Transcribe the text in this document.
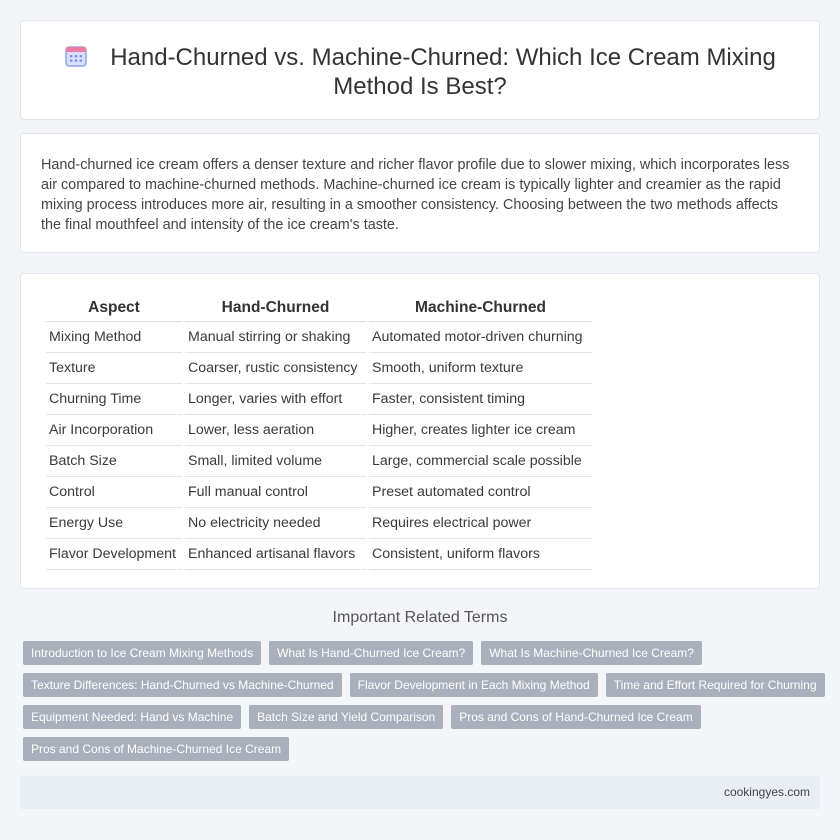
Hand-Churned vs. Machine-Churned: Which Ice Cream Mixing Method Is Best?

Hand-churned ice cream offers a denser texture and richer flavor profile due to slower mixing, which incorporates less air compared to machine-churned methods. Machine-churned ice cream is typically lighter and creamier as the rapid mixing process introduces more air, resulting in a smoother consistency. Choosing between the two methods affects the final mouthfeel and intensity of the ice cream's taste.

Aspect	Hand-Churned	Machine-Churned
Mixing Method	Manual stirring or shaking	Automated motor-driven churning
Texture	Coarser, rustic consistency	Smooth, uniform texture
Churning Time	Longer, varies with effort	Faster, consistent timing
Air Incorporation	Lower, less aeration	Higher, creates lighter ice cream
Batch Size	Small, limited volume	Large, commercial scale possible
Control	Full manual control	Preset automated control
Energy Use	No electricity needed	Requires electrical power
Flavor Development	Enhanced artisanal flavors	Consistent, uniform flavors
Important Related Terms
Introduction to Ice Cream Mixing Methods	What Is Hand-Churned Ice Cream?	What Is Machine-Churned Ice Cream?
Texture Differences: Hand-Churned vs Machine-Churned	Flavor Development in Each Mixing Method	Time and Effort Required for Churning
Equipment Needed: Hand vs Machine	Batch Size and Yield Comparison	Pros and Cons of Hand-Churned Ice Cream
Pros and Cons of Machine-Churned Ice Cream
cookingyes.com
